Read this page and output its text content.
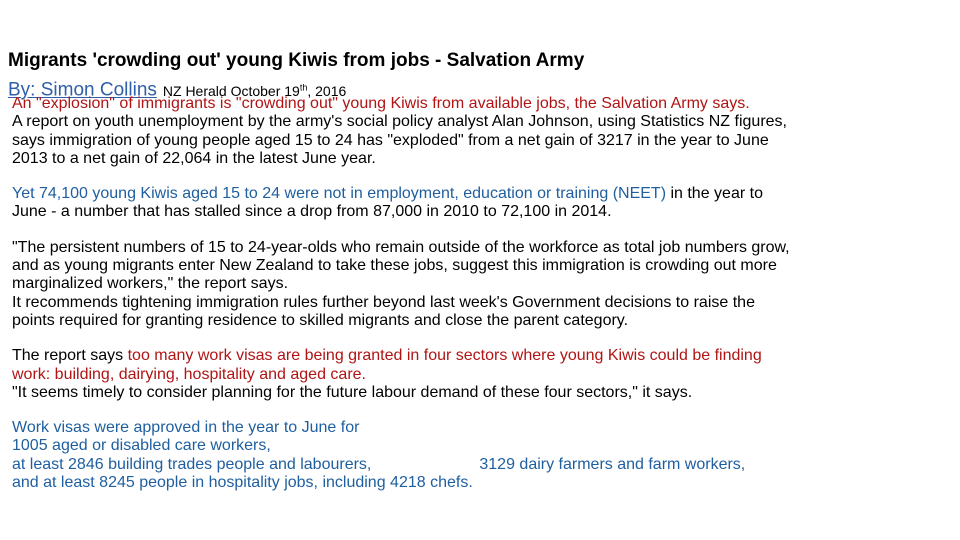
Migrants 'crowding out' young Kiwis from jobs - Salvation Army
By: Simon Collins NZ Herald October 19th, 2016
An "explosion" of immigrants is "crowding out" young Kiwis from available jobs, the Salvation Army says.
A report on youth unemployment by the army's social policy analyst Alan Johnson, using Statistics NZ figures,
says immigration of young people aged 15 to 24 has "exploded" from a net gain of 3217 in the year to June
2013 to a net gain of 22,064 in the latest June year.
Yet 74,100 young Kiwis aged 15 to 24 were not in employment, education or training (NEET) in the year to
June - a number that has stalled since a drop from 87,000 in 2010 to 72,100 in 2014.
"The persistent numbers of 15 to 24-year-olds who remain outside of the workforce as total job numbers grow,
and as young migrants enter New Zealand to take these jobs, suggest this immigration is crowding out more
marginalized workers," the report says.
It recommends tightening immigration rules further beyond last week's Government decisions to raise the
points required for granting residence to skilled migrants and close the parent category.
The report says too many work visas are being granted in four sectors where young Kiwis could be finding
work: building, dairying, hospitality and aged care.
"It seems timely to consider planning for the future labour demand of these four sectors," it says.
Work visas were approved in the year to June for
1005 aged or disabled care workers,
at least 2846 building trades people and labourers,	3129 dairy farmers and farm workers,
and at least 8245 people in hospitality jobs, including 4218 chefs.
